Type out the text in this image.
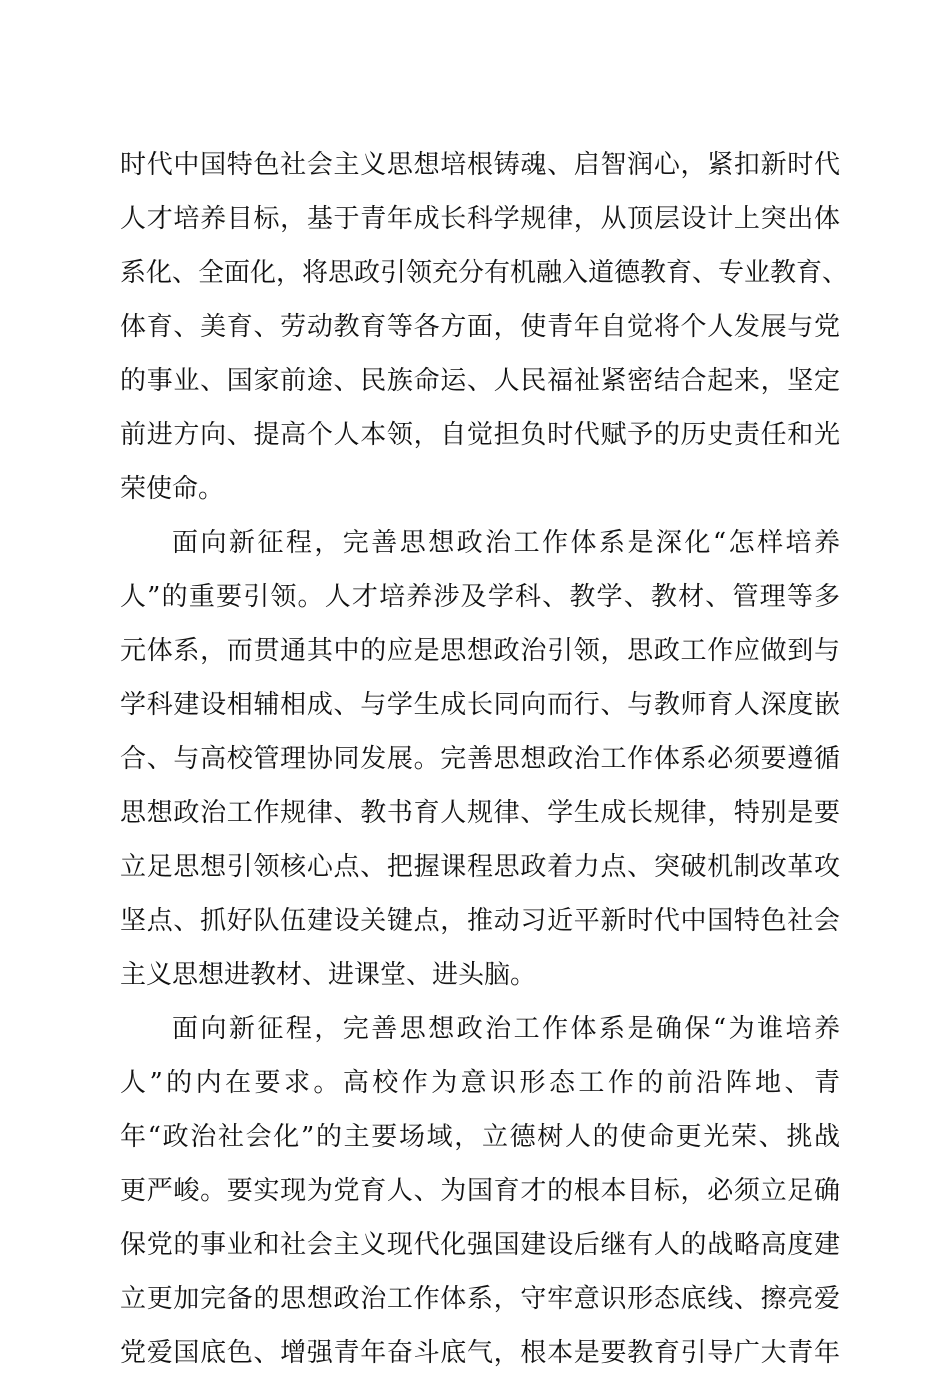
时代中国特色社会主义思想培根铸魂、启智润心，紧扣新时代
人才培养目标，基于青年成长科学规律，从顶层设计上突出体
系化、全面化，将思政引领充分有机融入道德教育、专业教育、
体育、美育、劳动教育等各方面，使青年自觉将个人发展与党
的事业、国家前途、民族命运、人民福祉紧密结合起来，坚定
前进方向、提高个人本领，自觉担负时代赋予的历史责任和光
荣使命。
面向新征程，完善思想政治工作体系是深化“怎样培养
人”的重要引领。人才培养涉及学科、教学、教材、管理等多
元体系，而贯通其中的应是思想政治引领，思政工作应做到与
学科建设相辅相成、与学生成长同向而行、与教师育人深度嵌
合、与高校管理协同发展。完善思想政治工作体系必须要遵循
思想政治工作规律、教书育人规律、学生成长规律，特别是要
立足思想引领核心点、把握课程思政着力点、突破机制改革攻
坚点、抓好队伍建设关键点，推动习近平新时代中国特色社会
主义思想进教材、进课堂、进头脑。
面向新征程，完善思想政治工作体系是确保“为谁培养
人”的内在要求。高校作为意识形态工作的前沿阵地、青
年“政治社会化”的主要场域，立德树人的使命更光荣、挑战
更严峻。要实现为党育人、为国育才的根本目标，必须立足确
保党的事业和社会主义现代化强国建设后继有人的战略高度建
立更加完备的思想政治工作体系，守牢意识形态底线、擦亮爱
党爱国底色、增强青年奋斗底气，根本是要教育引导广大青年
